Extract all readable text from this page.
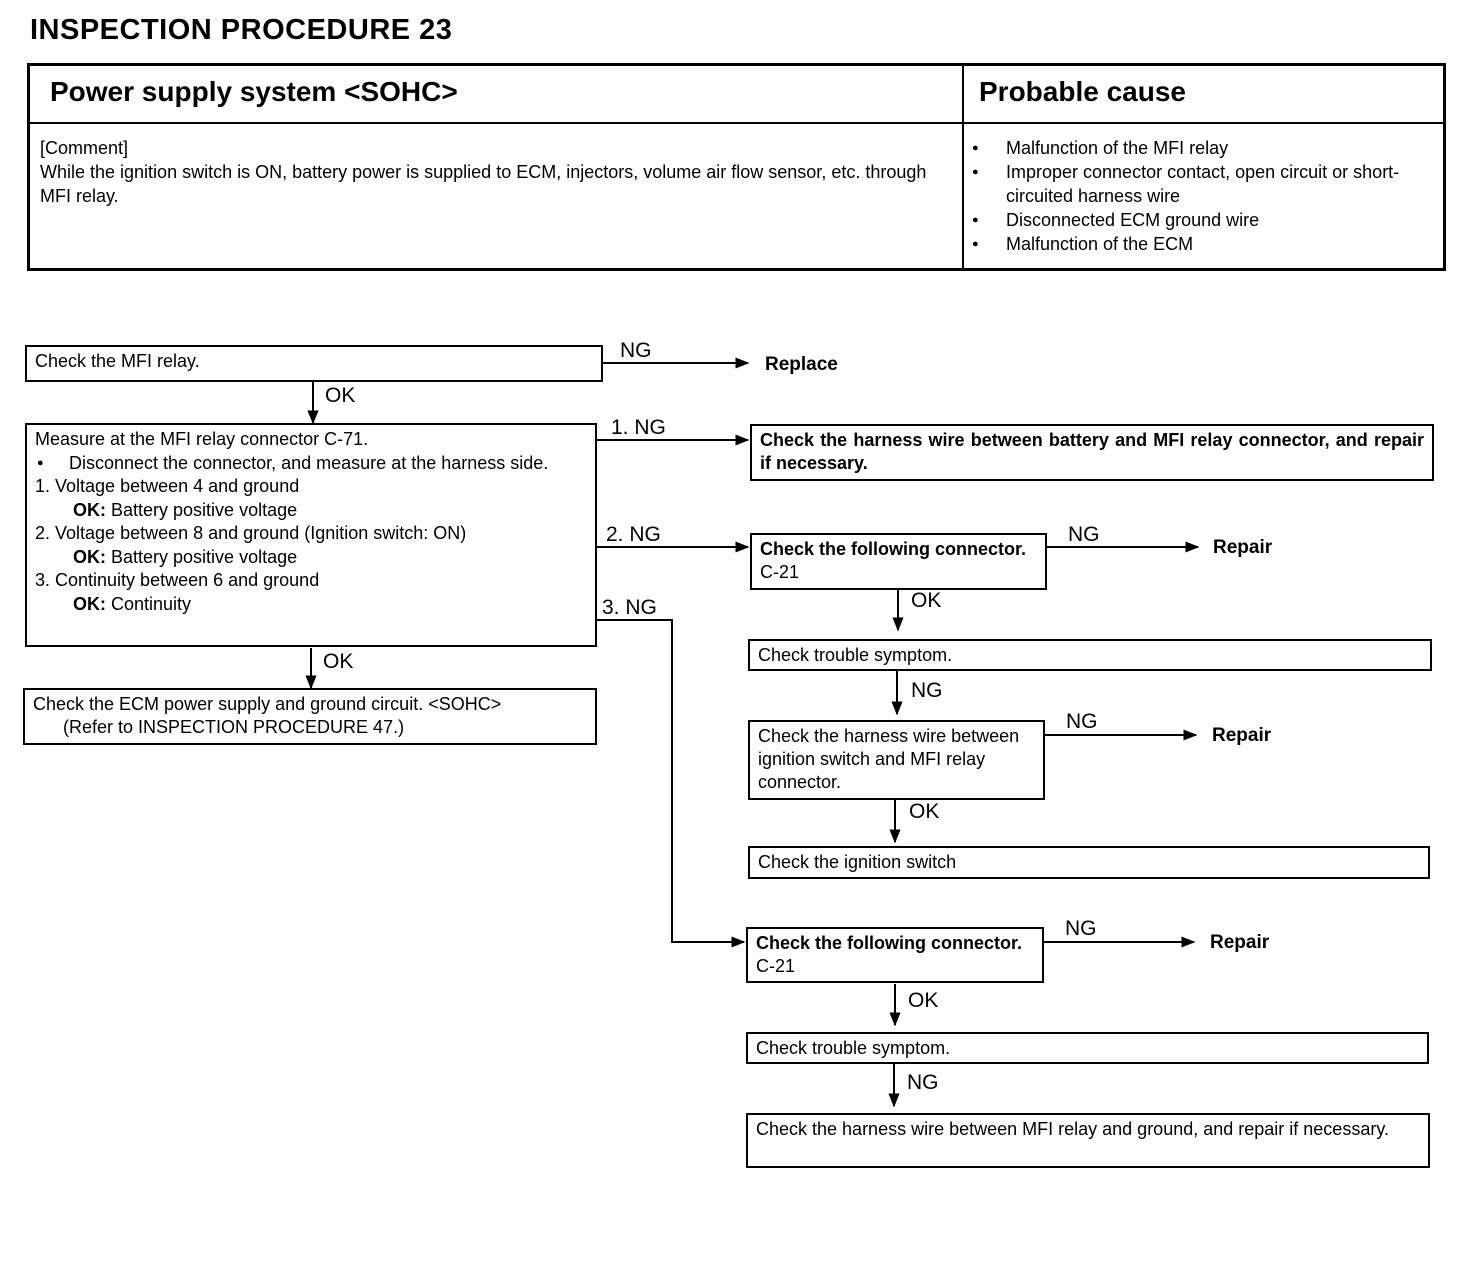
INSPECTION PROCEDURE 23
Power supply system <SOHC>	Probable cause
[Comment]
While the ignition switch is ON, battery power is supplied to ECM, injectors, volume air flow sensor, etc. through MFI relay.
● Malfunction of the MFI relay
● Improper connector contact, open circuit or short-circuited harness wire
● Disconnected ECM ground wire
● Malfunction of the ECM
Check the MFI relay.	NG
Replace
OK
Measure at the MFI relay connector C-71.
● Disconnect the connector, and measure at the harness side.
1. Voltage between 4 and ground
OK: Battery positive voltage
2. Voltage between 8 and ground (Ignition switch: ON)
OK: Battery positive voltage
3. Continuity between 6 and ground
OK: Continuity
1. NG
2. NG
3. NG
OK
Check the ECM power supply and ground circuit. <SOHC>
(Refer to INSPECTION PROCEDURE 47.)
Check the harness wire between battery and MFI relay connector, and repair if necessary.
Check the following connector. C-21
NG
Repair
OK
Check trouble symptom.
NG
Check the harness wire between ignition switch and MFI relay connector.
NG
Repair
OK
Check the ignition switch
Check the following connector. C-21
NG
Repair
OK
Check trouble symptom.
NG
Check the harness wire between MFI relay and ground, and repair if necessary.
